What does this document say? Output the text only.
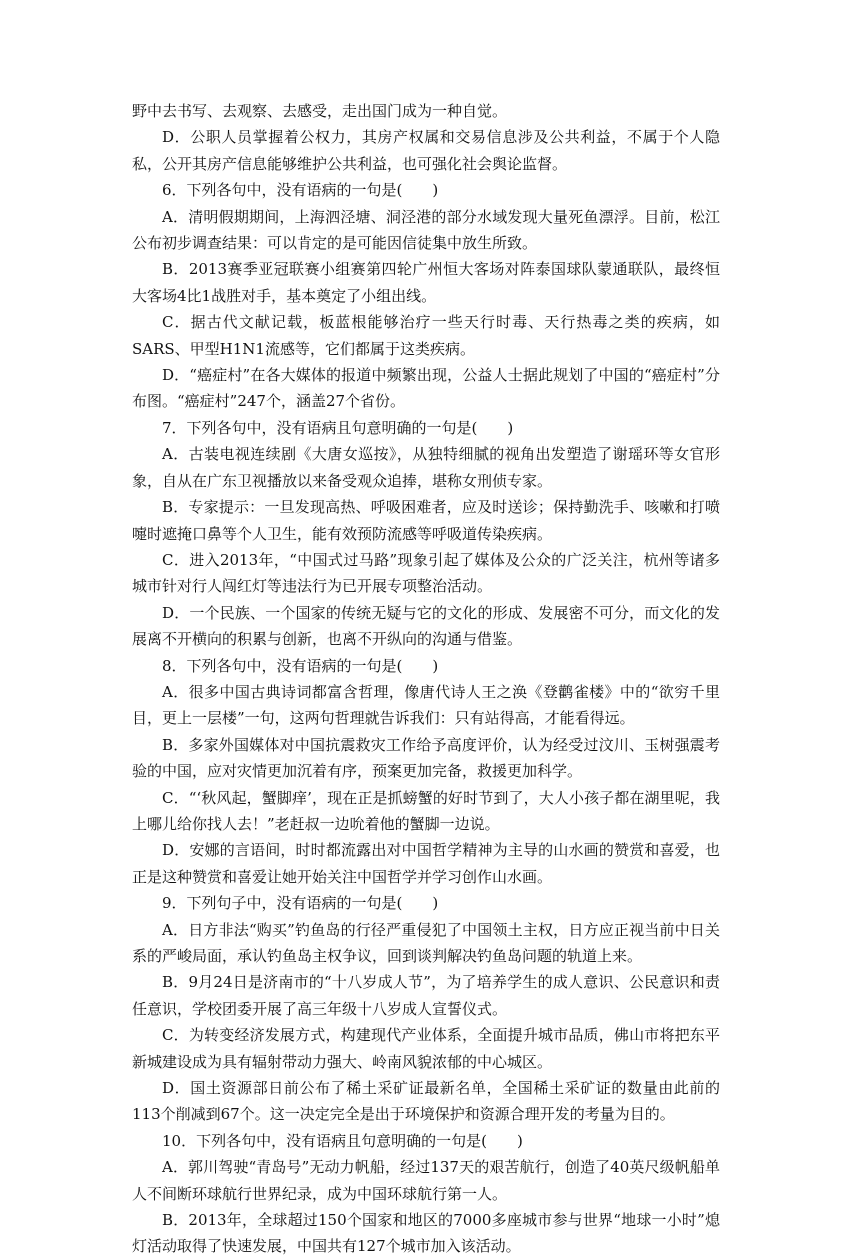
野中去书写、去观察、去感受，走出国门成为一种自觉。

D．公职人员掌握着公权力，其房产权属和交易信息涉及公共利益，不属于个人隐私，公开其房产信息能够维护公共利益，也可强化社会舆论监督。

6．下列各句中，没有语病的一句是(　　)

A．清明假期期间，上海泗泾塘、洞泾港的部分水域发现大量死鱼漂浮。目前，松江公布初步调查结果：可以肯定的是可能因信徒集中放生所致。

B．2013赛季亚冠联赛小组赛第四轮广州恒大客场对阵泰国球队蒙通联队，最终恒大客场4比1战胜对手，基本奠定了小组出线。

C．据古代文献记载，板蓝根能够治疗一些天行时毒、天行热毒之类的疾病，如SARS、甲型H1N1流感等，它们都属于这类疾病。

D．“癌症村”在各大媒体的报道中频繁出现，公益人士据此规划了中国的“癌症村”分布图。“癌症村”247个，涵盖27个省份。

7．下列各句中，没有语病且句意明确的一句是(　　)

A．古装电视连续剧《大唐女巡按》，从独特细腻的视角出发塑造了谢瑶环等女官形象，自从在广东卫视播放以来备受观众追捧，堪称女刑侦专家。

B．专家提示：一旦发现高热、呼吸困难者，应及时送诊；保持勤洗手、咳嗽和打喷嚏时遮掩口鼻等个人卫生，能有效预防流感等呼吸道传染疾病。

C．进入2013年，“中国式过马路”现象引起了媒体及公众的广泛关注，杭州等诸多城市针对行人闯红灯等违法行为已开展专项整治活动。

D．一个民族、一个国家的传统无疑与它的文化的形成、发展密不可分，而文化的发展离不开横向的积累与创新，也离不开纵向的沟通与借鉴。

8．下列各句中，没有语病的一句是(　　)

A．很多中国古典诗词都富含哲理，像唐代诗人王之涣《登鹳雀楼》中的“欲穷千里目，更上一层楼”一句，这两句哲理就告诉我们：只有站得高，才能看得远。

B．多家外国媒体对中国抗震救灾工作给予高度评价，认为经受过汶川、玉树强震考验的中国，应对灾情更加沉着有序，预案更加完备，救援更加科学。

C．“‘秋风起，蟹脚痒’，现在正是抓螃蟹的好时节到了，大人小孩子都在湖里呢，我上哪儿给你找人去！”老赶叔一边吮着他的蟹脚一边说。

D．安娜的言语间，时时都流露出对中国哲学精神为主导的山水画的赞赏和喜爱，也正是这种赞赏和喜爱让她开始关注中国哲学并学习创作山水画。

9．下列句子中，没有语病的一句是(　　)

A．日方非法“购买”钓鱼岛的行径严重侵犯了中国领土主权，日方应正视当前中日关系的严峻局面，承认钓鱼岛主权争议，回到谈判解决钓鱼岛问题的轨道上来。

B．9月24日是济南市的“十八岁成人节”，为了培养学生的成人意识、公民意识和责任意识，学校团委开展了高三年级十八岁成人宣誓仪式。

C．为转变经济发展方式，构建现代产业体系，全面提升城市品质，佛山市将把东平新城建设成为具有辐射带动力强大、岭南风貌浓郁的中心城区。

D．国土资源部日前公布了稀土采矿证最新名单，全国稀土采矿证的数量由此前的113个削减到67个。这一决定完全是出于环境保护和资源合理开发的考量为目的。

10．下列各句中，没有语病且句意明确的一句是(　　)

A．郭川驾驶“青岛号”无动力帆船，经过137天的艰苦航行，创造了40英尺级帆船单人不间断环球航行世界纪录，成为中国环球航行第一人。

B．2013年，全球超过150个国家和地区的7000多座城市参与世界“地球一小时”熄灯活动取得了快速发展，中国共有127个城市加入该活动。
